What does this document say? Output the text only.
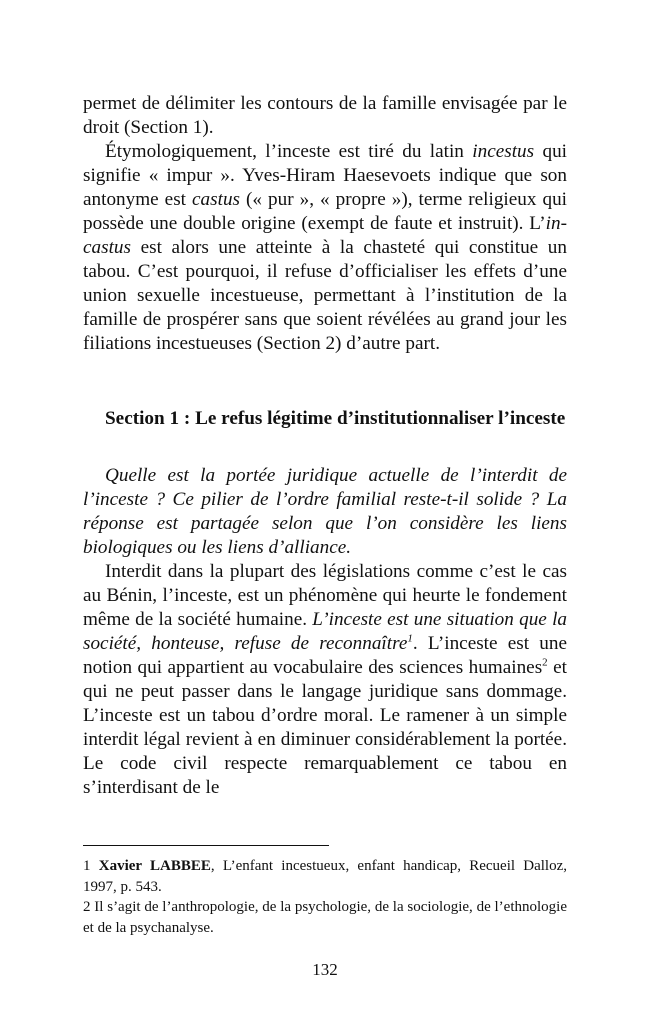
permet de délimiter les contours de la famille envisagée par le droit (Section 1).

Étymologiquement, l’inceste est tiré du latin incestus qui signifie « impur ». Yves-Hiram Haesevoets indique que son antonyme est castus (« pur », « propre »), terme religieux qui possède une double origine (exempt de faute et instruit). L’in-castus est alors une atteinte à la chasteté qui constitue un tabou. C’est pourquoi, il refuse d’officialiser les effets d’une union sexuelle incestueuse, permettant à l’institution de la famille de prospérer sans que soient révélées au grand jour les filiations incestueuses (Section 2) d’autre part.

Section 1 : Le refus légitime d’institutionnaliser l’inceste

Quelle est la portée juridique actuelle de l’interdit de l’inceste ? Ce pilier de l’ordre familial reste-t-il solide ? La réponse est partagée selon que l’on considère les liens biologiques ou les liens d’alliance.

Interdit dans la plupart des législations comme c’est le cas au Bénin, l’inceste, est un phénomène qui heurte le fondement même de la société humaine. L’inceste est une situation que la société, honteuse, refuse de reconnaître$^1$. L’inceste est une notion qui appartient au vocabulaire des sciences humaines$^2$ et qui ne peut passer dans le langage juridique sans dommage. L’inceste est un tabou d’ordre moral. Le ramener à un simple interdit légal revient à en diminuer considérablement la portée. Le code civil respecte remarquablement ce tabou en s’interdisant de le

1 Xavier LABBEE, L’enfant incestueux, enfant handicap, Recueil Dalloz, 1997, p. 543.

2 Il s’agit de l’anthropologie, de la psychologie, de la sociologie, de l’ethnologie et de la psychanalyse.

132
